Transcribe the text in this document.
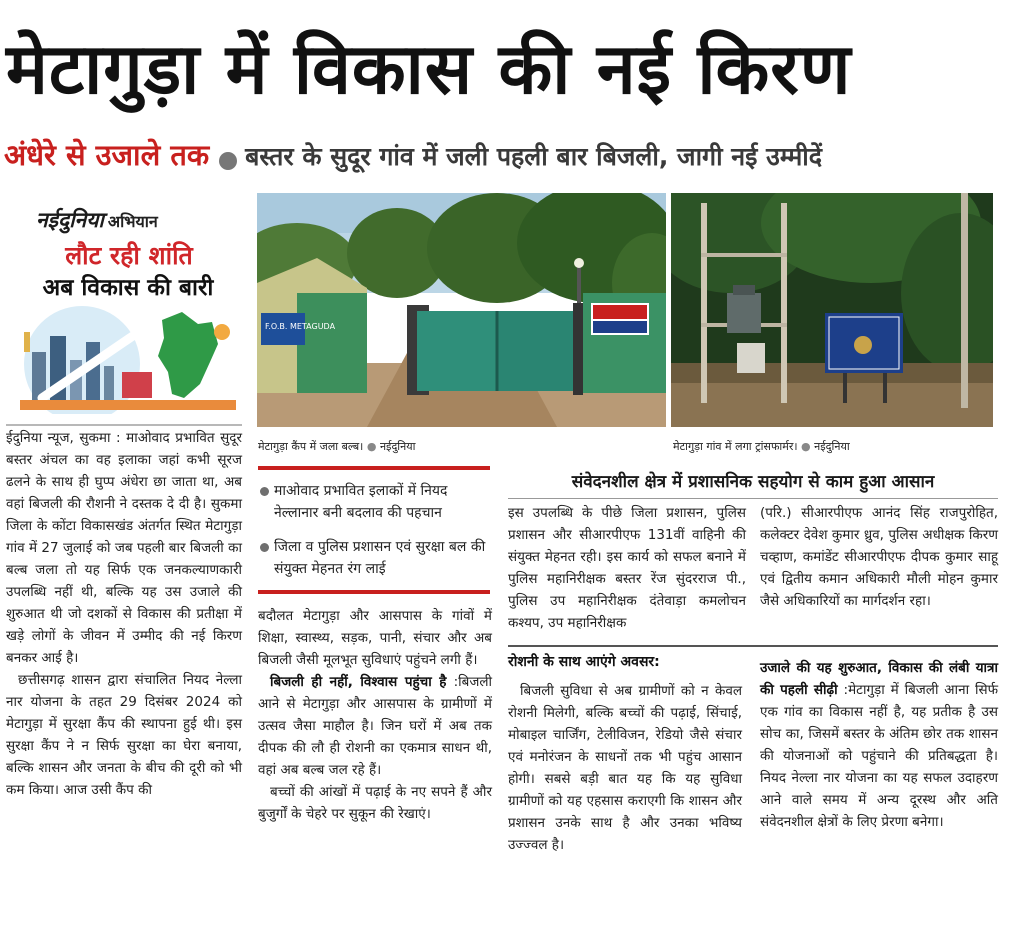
मेटागुड़ा में विकास की नई किरण
अंधेरे से उजाले तक बस्तर के सुदूर गांव में जली पहली बार बिजली, जागी नई उम्मीदें
नईदुनिया अभियान
लौट रही शांति
अब विकास की बारी
F.O.B. METAGUDA
मेटागुड़ा कैंप में जला बल्ब। ● नईदुनिया	मेटागुड़ा गांव में लगा ट्रांसफार्मर। ● नईदुनिया

ईदुनिया न्यूज, सुकमा : माओवाद प्रभावित सुदूर बस्तर अंचल का वह इलाका जहां कभी सूरज ढलने के साथ ही घुप्प अंधेरा छा जाता था, अब वहां बिजली की रौशनी ने दस्तक दे दी है। सुकमा जिला के कोंटा विकासखंड अंतर्गत स्थित मेटागुड़ा गांव में 27 जुलाई को जब पहली बार बिजली का बल्ब जला तो यह सिर्फ एक जनकल्याणकारी उपलब्धि नहीं थी, बल्कि यह उस उजाले की शुरुआत थी जो दशकों से विकास की प्रतीक्षा में खड़े लोगों के जीवन में उम्मीद की नई किरण बनकर आई है।

छत्तीसगढ़ शासन द्वारा संचालित नियद नेल्ला नार योजना के तहत 29 दिसंबर 2024 को मेटागुड़ा में सुरक्षा कैंप की स्थापना हुई थी। इस सुरक्षा कैंप ने न सिर्फ सुरक्षा का घेरा बनाया, बल्कि शासन और जनता के बीच की दूरी को भी कम किया। आज उसी कैंप की

माओवाद प्रभावित इलाकों में नियद नेल्लानार बनी बदलाव की पहचान
जिला व पुलिस प्रशासन एवं सुरक्षा बल की संयुक्त मेहनत रंग लाई

बदौलत मेटागुड़ा और आसपास के गांवों में शिक्षा, स्वास्थ्य, सड़क, पानी, संचार और अब बिजली जैसी मूलभूत सुविधाएं पहुंचने लगी हैं।

बिजली ही नहीं, विश्वास पहुंचा है :बिजली आने से मेटागुड़ा और आसपास के ग्रामीणों में उत्सव जैसा माहौल है। जिन घरों में अब तक दीपक की लौ ही रोशनी का एकमात्र साधन थी, वहां अब बल्ब जल रहे हैं।

बच्चों की आंखों में पढ़ाई के नए सपने हैं और बुजुर्गों के चेहरे पर सुकून की रेखाएं।

संवेदनशील क्षेत्र में प्रशासनिक सहयोग से काम हुआ आसान

इस उपलब्धि के पीछे जिला प्रशासन, पुलिस प्रशासन और सीआरपीएफ 131वीं वाहिनी की संयुक्त मेहनत रही। इस कार्य को सफल बनाने में पुलिस महानिरीक्षक बस्तर रेंज सुंदरराज पी., पुलिस उप महानिरीक्षक दंतेवाड़ा कमलोचन कश्यप, उप महानिरीक्षक

(परि.) सीआरपीएफ आनंद सिंह राजपुरोहित, कलेक्टर देवेश कुमार ध्रुव, पुलिस अधीक्षक किरण चव्हाण, कमांडेंट सीआरपीएफ दीपक कुमार साहू एवं द्वितीय कमान अधिकारी मौली मोहन कुमार जैसे अधिकारियों का मार्गदर्शन रहा।

रोशनी के साथ आएंगे अवसर:

बिजली सुविधा से अब ग्रामीणों को न केवल रोशनी मिलेगी, बल्कि बच्चों की पढ़ाई, सिंचाई, मोबाइल चार्जिंग, टेलीविजन, रेडियो जैसे संचार एवं मनोरंजन के साधनों तक भी पहुंच आसान होगी। सबसे बड़ी बात यह कि यह सुविधा ग्रामीणों को यह एहसास कराएगी कि शासन और प्रशासन उनके साथ है और उनका भविष्य उज्ज्वल है।

उजाले की यह शुरुआत, विकास की लंबी यात्रा की पहली सीढ़ी :मेटागुड़ा में बिजली आना सिर्फ एक गांव का विकास नहीं है, यह प्रतीक है उस सोच का, जिसमें बस्तर के अंतिम छोर तक शासन की योजनाओं को पहुंचाने की प्रतिबद्धता है। नियद नेल्ला नार योजना का यह सफल उदाहरण आने वाले समय में अन्य दूरस्थ और अति संवेदनशील क्षेत्रों के लिए प्रेरणा बनेगा।
